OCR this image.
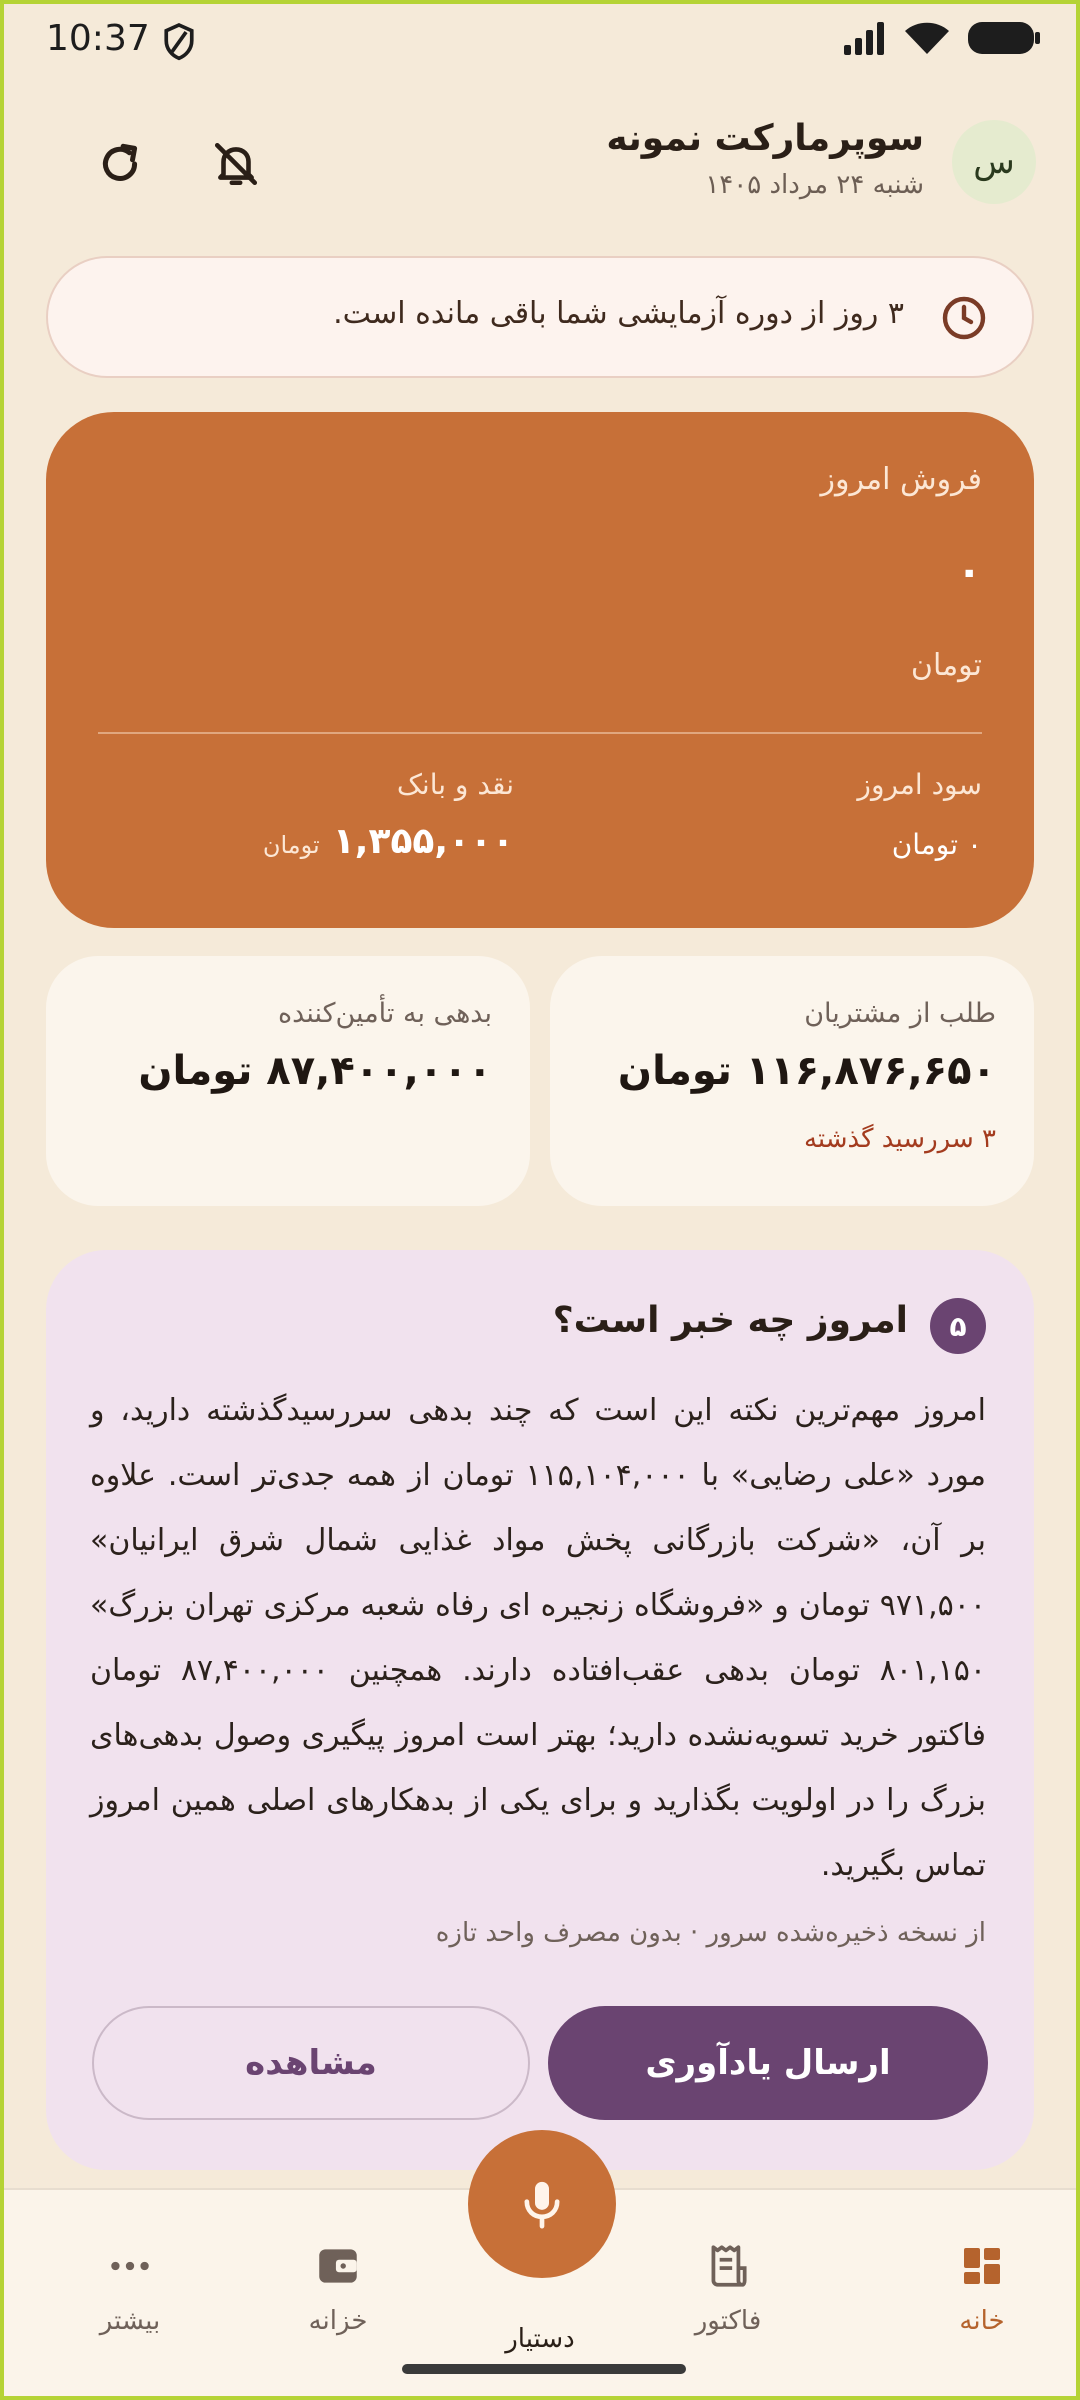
10:37
س
سوپرمارکت نمونه
شنبه ۲۴ مرداد ۱۴۰۵
۳ روز از دوره آزمایشی شما باقی مانده است.
فروش امروز
۰
تومان
سود امروز
۰ تومان
نقد و بانک
۱,۳۵۵,۰۰۰ تومان
طلب از مشتریان
۱۱۶,۸۷۶,۶۵۰ تومان
۳ سررسید گذشته
بدهی به تأمین‌کننده
۸۷,۴۰۰,۰۰۰ تومان
۵
امروز چه خبر است؟
امروز مهم‌ترین نکته این است که چند بدهی سررسیدگذشته دارید، و مورد «علی رضایی» با ۱۱۵,۱۰۴,۰۰۰ تومان از همه جدی‌تر است. علاوه بر آن، «شرکت بازرگانی پخش مواد غذایی شمال شرق ایرانیان» ۹۷۱,۵۰۰ تومان و «فروشگاه زنجیره ای رفاه شعبه مرکزی تهران بزرگ» ۸۰۱,۱۵۰ تومان بدهی عقب‌افتاده دارند. همچنین ۸۷,۴۰۰,۰۰۰ تومان فاکتور خرید تسویه‌نشده دارید؛ بهتر است امروز پیگیری وصول بدهی‌های بزرگ را در اولویت بگذارید و برای یکی از بدهکارهای اصلی همین امروز تماس بگیرید.
از نسخه ذخیره‌شده سرور · بدون مصرف واحد تازه
ارسال یادآوری
مشاهده
خانه
فاکتور
دستیار
خزانه
بیشتر
